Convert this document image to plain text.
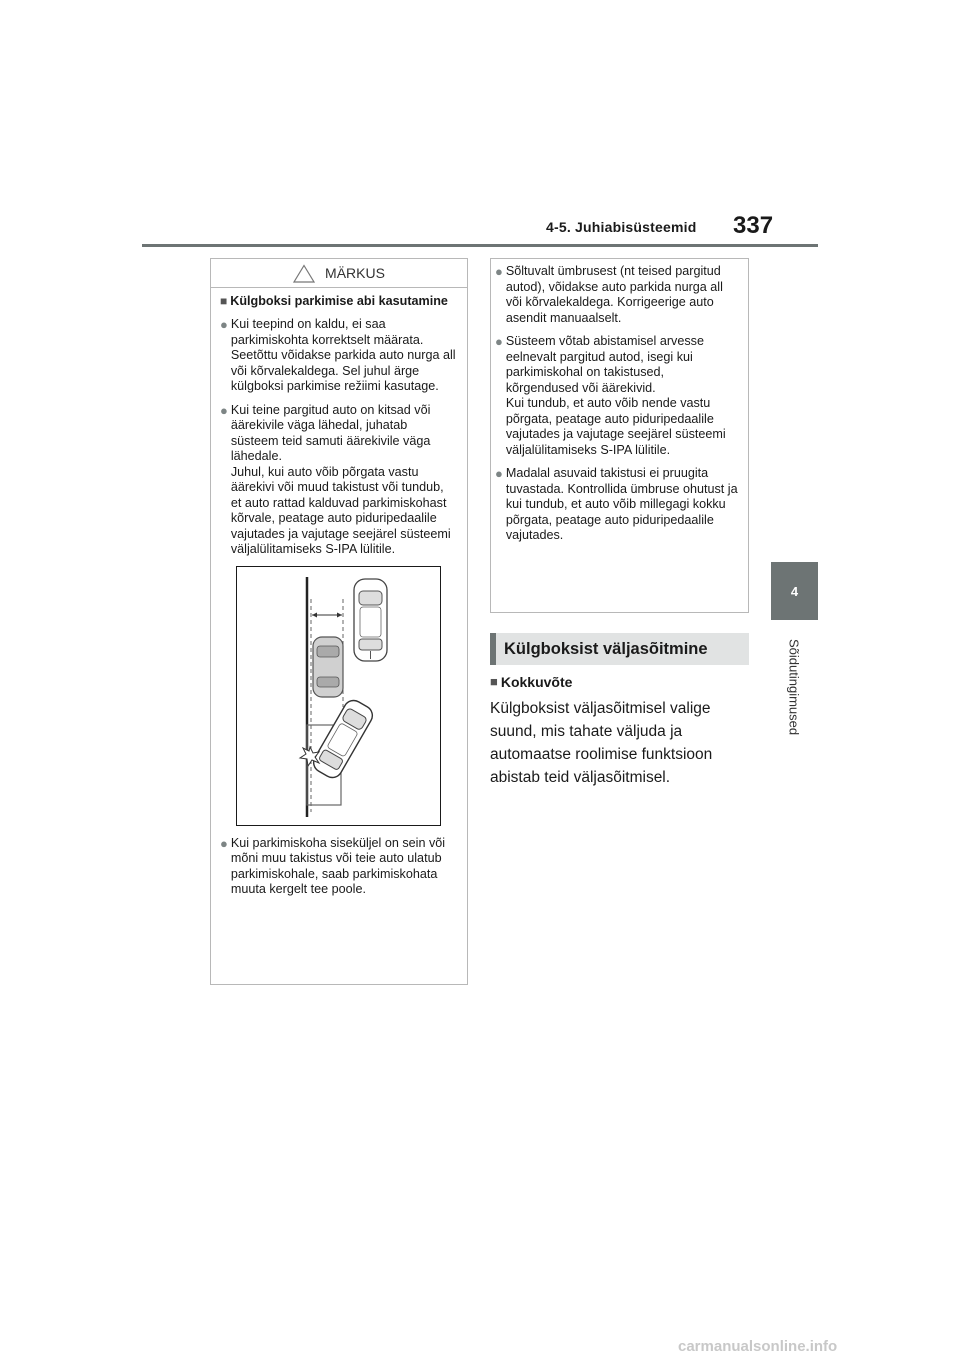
4-5. Juhiabisüsteemid 337
4
Sõidutingimused
MÄRKUS
■ Külgboksi parkimise abi kasutamine
● Kui teepind on kaldu, ei saa parkimiskohta korrektselt määrata. Seetõttu võidakse parkida auto nurga all või kõrvalekaldega. Sel juhul ärge külgboksi parkimise režiimi kasutage.
● Kui teine pargitud auto on kitsad või äärekivile väga lähedal, juhatab süsteem teid samuti äärekivile väga lähedale.
Juhul, kui auto võib põrgata vastu äärekivi või muud takistust või tundub, et auto rattad kalduvad parkimiskohast kõrvale, peatage auto piduripedaalile vajutades ja vajutage seejärel süsteemi väljalülitamiseks S-IPA lülitile.
● Kui parkimiskoha siseküljel on sein või mõni muu takistus või teie auto ulatub parkimiskohale, saab parkimiskohata muuta kergelt tee poole.
● Sõltuvalt ümbrusest (nt teised pargitud autod), võidakse auto parkida nurga all või kõrvalekaldega. Korrigeerige auto asendit manuaalselt.
● Süsteem võtab abistamisel arvesse eelnevalt pargitud autod, isegi kui parkimiskohal on takistused, kõrgendused või äärekivid.
Kui tundub, et auto võib nende vastu põrgata, peatage auto piduripedaalile vajutades ja vajutage seejärel süsteemi väljalülitamiseks S-IPA lülitile.
● Madalal asuvaid takistusi ei pruugita tuvastada. Kontrollida ümbruse ohutust ja kui tundub, et auto võib millegagi kokku põrgata, peatage auto piduripedaalile vajutades.
Külgboksist väljasõitmine
■ Kokkuvõte
Külgboksist väljasõitmisel valige
suund, mis tahate väljuda ja
automaatse roolimise funktsioon
abistab teid väljasõitmisel.
carmanualsonline.info
